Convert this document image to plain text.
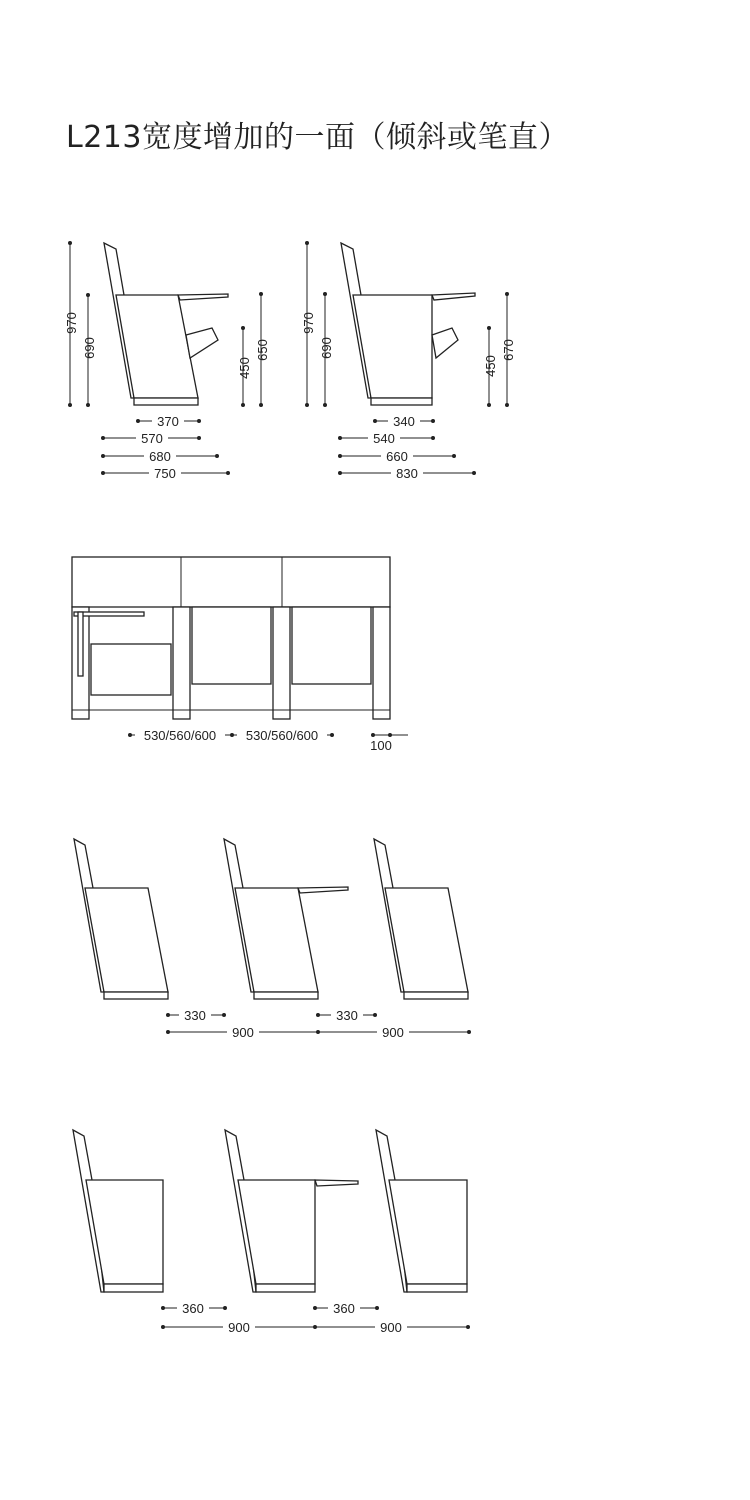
L213宽度增加的一面（倾斜或笔直）
970
690
450
650
370
570
680
750
970
690
450
670
340
540
660
830
530/560/600 530/560/600
100
330	330
900	900
360	360
900	900
